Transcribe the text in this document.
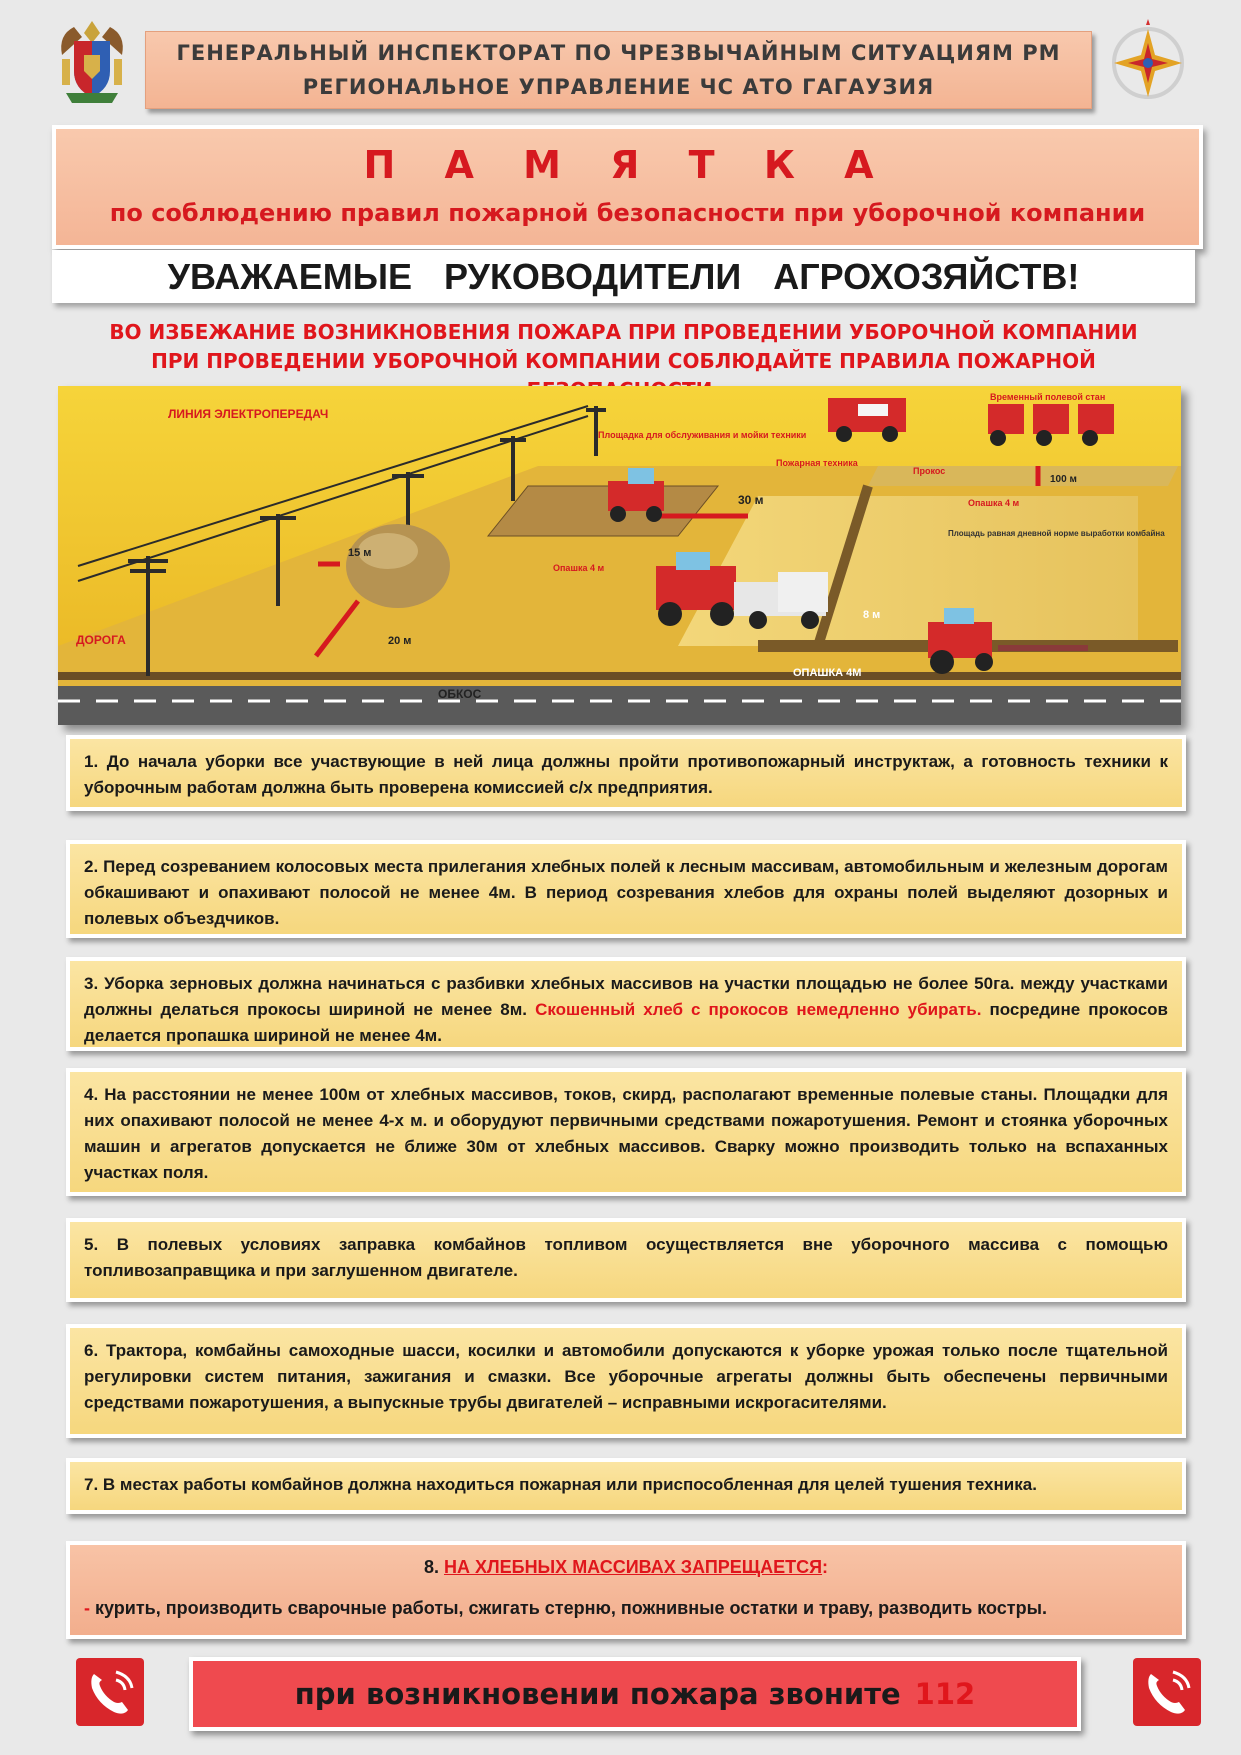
ГЕНЕРАЛЬНЫЙ ИНСПЕКТОРАТ ПО ЧРЕЗВЫЧАЙНЫМ СИТУАЦИЯМ РМ
РЕГИОНАЛЬНОЕ УПРАВЛЕНИЕ ЧС АТО ГАГАУЗИЯ
П А М Я Т К А
по соблюдению правил пожарной безопасности при уборочной компании
УВАЖАЕМЫЕ РУКОВОДИТЕЛИ АГРОХОЗЯЙСТВ!
ВО ИЗБЕЖАНИЕ ВОЗНИКНОВЕНИЯ ПОЖАРА ПРИ ПРОВЕДЕНИИ УБОРОЧНОЙ КОМПАНИИ
ПРИ ПРОВЕДЕНИИ УБОРОЧНОЙ КОМПАНИИ СОБЛЮДАЙТЕ ПРАВИЛА ПОЖАРНОЙ
ЛИНИЯ ЭЛЕКТРОПЕРЕДАЧ
ДОРОГА
Площадка для обслуживания и мойки техники
Пожарная техника
Временный полевой стан
Прокос
Опашка 4 м
Опашка 4 м
ОПАШКА 4М
ОБКОС
Площадь равная дневной норме выработки комбайна
15 м
20 м
30 м
100 м
8 м
1. До начала уборки все участвующие в ней лица должны пройти противопожарный инструктаж, а готовность техники к уборочным работам должна быть проверена комиссией с/х предприятия.
2. Перед созреванием колосовых места прилегания хлебных полей к лесным массивам, автомобильным и железным дорогам обкашивают и опахивают полосой не менее 4м. В период созревания хлебов для охраны полей выделяют дозорных и полевых объездчиков.
3. Уборка зерновых должна начинаться с разбивки хлебных массивов на участки площадью не более 50га. между участками должны делаться прокосы шириной не менее 8м. Скошенный хлеб с прокосов немедленно убирать. посредине прокосов делается пропашка шириной не менее 4м.
4. На расстоянии не менее 100м от хлебных массивов, токов, скирд, располагают временные полевые станы. Площадки для них опахивают полосой не менее 4-х м. и оборудуют первичными средствами пожаротушения. Ремонт и стоянка уборочных машин и агрегатов допускается не ближе 30м от хлебных массивов. Сварку можно производить только на вспаханных участках поля.
5. В полевых условиях заправка комбайнов топливом осуществляется вне уборочного массива с помощью топливозаправщика и при заглушенном двигателе.
6. Трактора, комбайны самоходные шасси, косилки и автомобили допускаются к уборке урожая только после тщательной регулировки систем питания, зажигания и смазки. Все уборочные агрегаты должны быть обеспечены первичными средствами пожаротушения, а выпускные трубы двигателей – исправными искрогасителями.
7. В местах работы комбайнов должна находиться пожарная или приспособленная для целей тушения техника.
8. НА ХЛЕБНЫХ МАССИВАХ ЗАПРЕЩАЕТСЯ:
- курить, производить сварочные работы, сжигать стерню, пожнивные остатки и траву, разводить костры.
при возникновении пожара звоните 112
